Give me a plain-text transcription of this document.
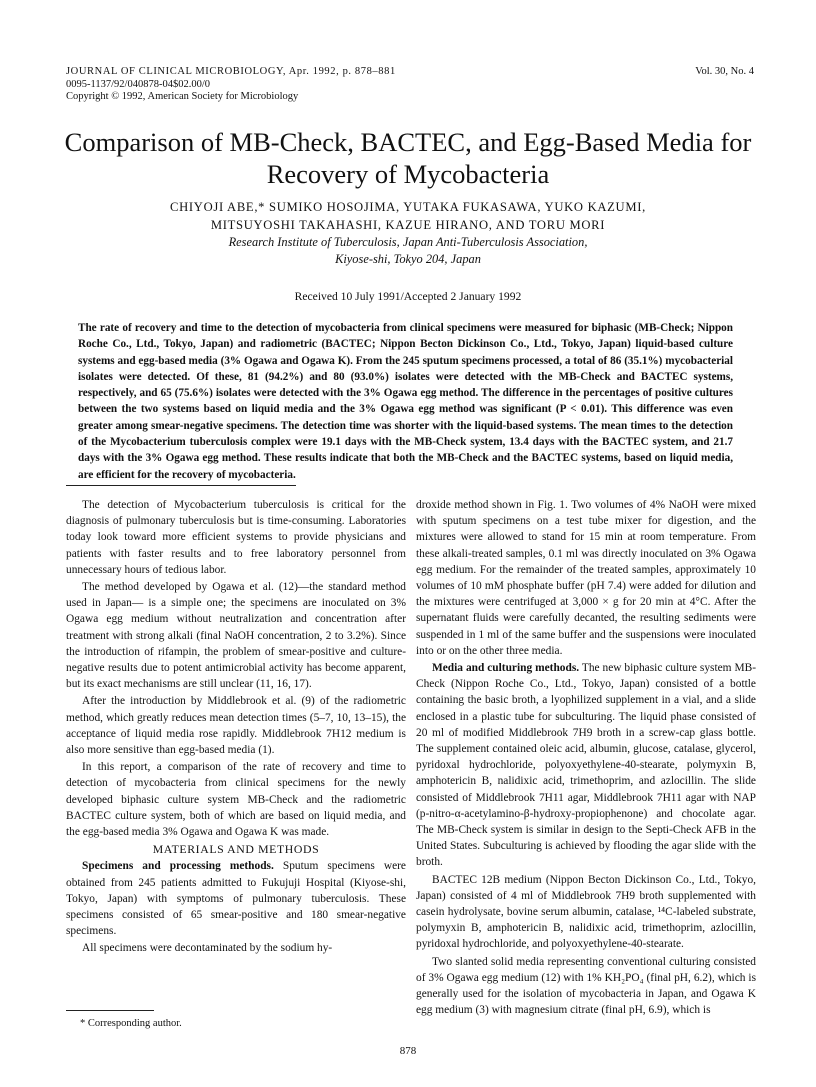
JOURNAL OF CLINICAL MICROBIOLOGY, Apr. 1992, p. 878–881
0095-1137/92/040878-04$02.00/0
Copyright © 1992, American Society for Microbiology
Vol. 30, No. 4
Comparison of MB-Check, BACTEC, and Egg-Based Media for Recovery of Mycobacteria
CHIYOJI ABE,* SUMIKO HOSOJIMA, YUTAKA FUKASAWA, YUKO KAZUMI,
MITSUYOSHI TAKAHASHI, KAZUE HIRANO, AND TORU MORI
Research Institute of Tuberculosis, Japan Anti-Tuberculosis Association,
Kiyose-shi, Tokyo 204, Japan
Received 10 July 1991/Accepted 2 January 1992

The rate of recovery and time to the detection of mycobacteria from clinical specimens were measured for biphasic (MB-Check; Nippon Roche Co., Ltd., Tokyo, Japan) and radiometric (BACTEC; Nippon Becton Dickinson Co., Ltd., Tokyo, Japan) liquid-based culture systems and egg-based media (3% Ogawa and Ogawa K). From the 245 sputum specimens processed, a total of 86 (35.1%) mycobacterial isolates were detected. Of these, 81 (94.2%) and 80 (93.0%) isolates were detected with the MB-Check and BACTEC systems, respectively, and 65 (75.6%) isolates were detected with the 3% Ogawa egg method. The difference in the percentages of positive cultures between the two systems based on liquid media and the 3% Ogawa egg method was significant (P < 0.01). This difference was even greater among smear-negative specimens. The detection time was shorter with the liquid-based systems. The mean times to the detection of the Mycobacterium tuberculosis complex were 19.1 days with the MB-Check system, 13.4 days with the BACTEC system, and 21.7 days with the 3% Ogawa egg method. These results indicate that both the MB-Check and the BACTEC systems, based on liquid media, are efficient for the recovery of mycobacteria.

The detection of Mycobacterium tuberculosis is critical for the diagnosis of pulmonary tuberculosis but is time-consuming. Laboratories today look toward more efficient systems to provide physicians and patients with faster results and to free laboratory personnel from unnecessary hours of tedious labor.

The method developed by Ogawa et al. (12)—the standard method used in Japan— is a simple one; the specimens are inoculated on 3% Ogawa egg medium without neutralization and concentration after treatment with strong alkali (final NaOH concentration, 2 to 3.2%). Since the introduction of rifampin, the problem of smear-positive and culture-negative results due to potent antimicrobial activity has become apparent, but its exact mechanisms are still unclear (11, 16, 17).

After the introduction by Middlebrook et al. (9) of the radiometric method, which greatly reduces mean detection times (5–7, 10, 13–15), the acceptance of liquid media rose rapidly. Middlebrook 7H12 medium is also more sensitive than egg-based media (1).

In this report, a comparison of the rate of recovery and time to detection of mycobacteria from clinical specimens for the newly developed biphasic culture system MB-Check and the radiometric BACTEC culture system, both of which are based on liquid media, and the egg-based media 3% Ogawa and Ogawa K was made.

MATERIALS AND METHODS

Specimens and processing methods. Sputum specimens were obtained from 245 patients admitted to Fukujuji Hospital (Kiyose-shi, Tokyo, Japan) with symptoms of pulmonary tuberculosis. These specimens consisted of 65 smear-positive and 180 smear-negative specimens.

All specimens were decontaminated by the sodium hy-

droxide method shown in Fig. 1. Two volumes of 4% NaOH were mixed with sputum specimens on a test tube mixer for digestion, and the mixtures were allowed to stand for 15 min at room temperature. From these alkali-treated samples, 0.1 ml was directly inoculated on 3% Ogawa egg medium. For the remainder of the treated samples, approximately 10 volumes of 10 mM phosphate buffer (pH 7.4) were added for dilution and the mixtures were centrifuged at 3,000 × g for 20 min at 4°C. After the supernatant fluids were carefully decanted, the resulting sediments were suspended in 1 ml of the same buffer and the suspensions were inoculated into or on the other three media.

Media and culturing methods. The new biphasic culture system MB-Check (Nippon Roche Co., Ltd., Tokyo, Japan) consisted of a bottle containing the basic broth, a lyophilized supplement in a vial, and a slide enclosed in a plastic tube for subculturing. The liquid phase consisted of 20 ml of modified Middlebrook 7H9 broth in a screw-cap glass bottle. The supplement contained oleic acid, albumin, glucose, catalase, glycerol, pyridoxal hydrochloride, polyoxyethylene-40-stearate, polymyxin B, amphotericin B, nalidixic acid, trimethoprim, and azlocillin. The slide consisted of Middlebrook 7H11 agar, Middlebrook 7H11 agar with NAP (p-nitro-α-acetylamino-β-hydroxy-propiophenone) and chocolate agar. The MB-Check system is similar in design to the Septi-Check AFB in the United States. Subculturing is achieved by flooding the agar slide with the broth.

BACTEC 12B medium (Nippon Becton Dickinson Co., Ltd., Tokyo, Japan) consisted of 4 ml of Middlebrook 7H9 broth supplemented with casein hydrolysate, bovine serum albumin, catalase, ¹⁴C-labeled substrate, polymyxin B, amphotericin B, nalidixic acid, trimethoprim, azlocillin, pyridoxal hydrochloride, and polyoxyethylene-40-stearate.

Two slanted solid media representing conventional culturing consisted of 3% Ogawa egg medium (12) with 1% KH₂PO₄ (final pH, 6.2), which is generally used for the isolation of mycobacteria in Japan, and Ogawa K egg medium (3) with magnesium citrate (final pH, 6.9), which is

* Corresponding author.
878
